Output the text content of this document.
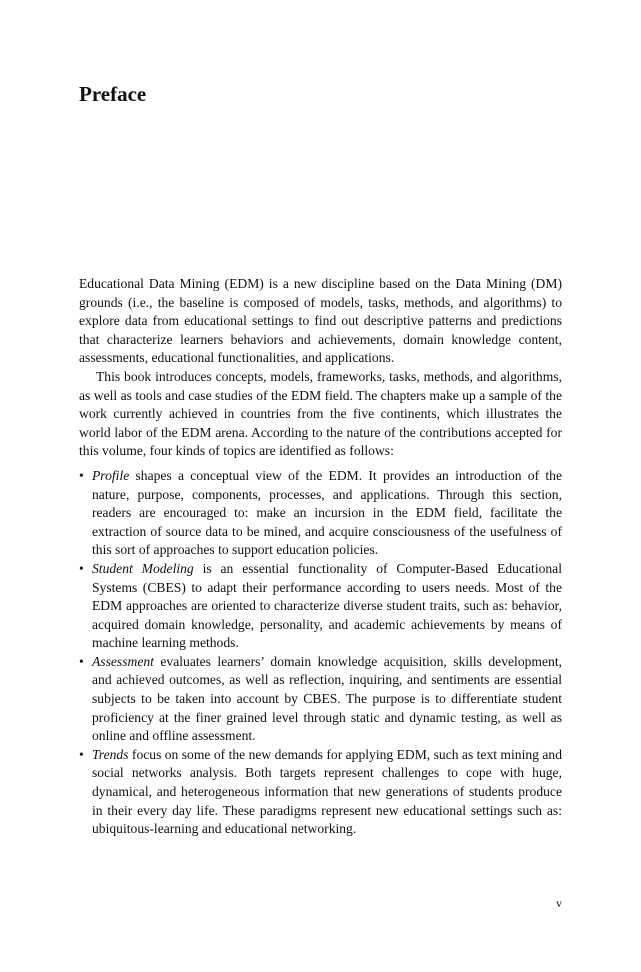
Preface

Educational Data Mining (EDM) is a new discipline based on the Data Mining (DM) grounds (i.e., the baseline is composed of models, tasks, methods, and algorithms) to explore data from educational settings to find out descriptive patterns and predictions that characterize learners behaviors and achievements, domain knowledge content, assessments, educational functionalities, and applications.

This book introduces concepts, models, frameworks, tasks, methods, and algorithms, as well as tools and case studies of the EDM field. The chapters make up a sample of the work currently achieved in countries from the five continents, which illustrates the world labor of the EDM arena. According to the nature of the contributions accepted for this volume, four kinds of topics are identified as follows:

• Profile shapes a conceptual view of the EDM. It provides an introduction of the nature, purpose, components, processes, and applications. Through this section, readers are encouraged to: make an incursion in the EDM field, facilitate the extraction of source data to be mined, and acquire consciousness of the usefulness of this sort of approaches to support education policies.
• Student Modeling is an essential functionality of Computer-Based Educational Systems (CBES) to adapt their performance according to users needs. Most of the EDM approaches are oriented to characterize diverse student traits, such as: behavior, acquired domain knowledge, personality, and academic achievements by means of machine learning methods.
• Assessment evaluates learners’ domain knowledge acquisition, skills development, and achieved outcomes, as well as reflection, inquiring, and sentiments are essential subjects to be taken into account by CBES. The purpose is to differentiate student proficiency at the finer grained level through static and dynamic testing, as well as online and offline assessment.
• Trends focus on some of the new demands for applying EDM, such as text mining and social networks analysis. Both targets represent challenges to cope with huge, dynamical, and heterogeneous information that new generations of students produce in their every day life. These paradigms represent new educational settings such as: ubiquitous-learning and educational networking.
v
